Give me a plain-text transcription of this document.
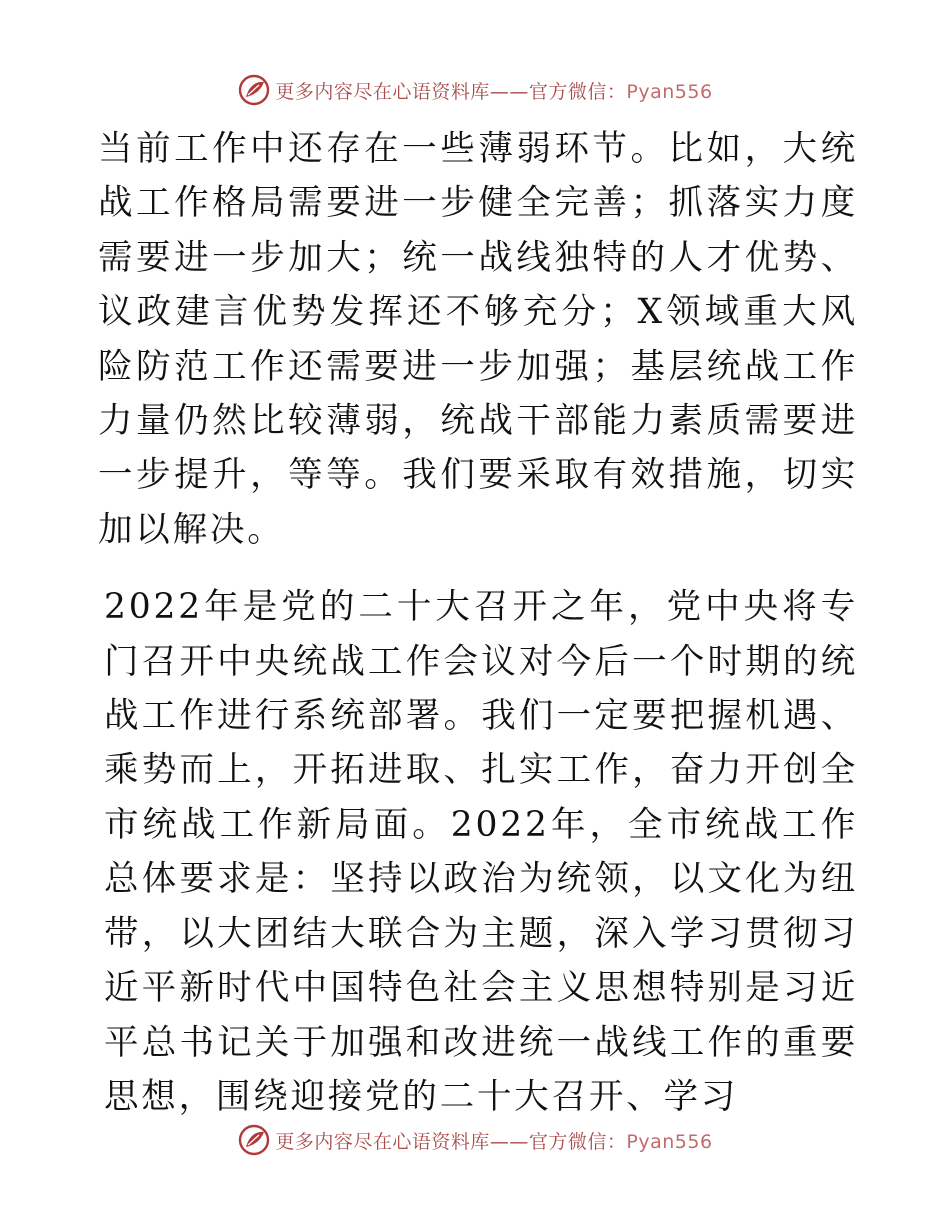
更多内容尽在心语资料库——官方微信：Pyan556

当前工作中还存在一些薄弱环节。比如，大统战工作格局需要进一步健全完善；抓落实力度需要进一步加大；统一战线独特的人才优势、议政建言优势发挥还不够充分；X领域重大风险防范工作还需要进一步加强；基层统战工作力量仍然比较薄弱，统战干部能力素质需要进一步提升，等等。我们要采取有效措施，切实加以解决。

2022年是党的二十大召开之年，党中央将专门召开中央统战工作会议对今后一个时期的统战工作进行系统部署。我们一定要把握机遇、乘势而上，开拓进取、扎实工作，奋力开创全市统战工作新局面。2022年，全市统战工作总体要求是：坚持以政治为统领，以文化为纽带，以大团结大联合为主题，深入学习贯彻习近平新时代中国特色社会主义思想特别是习近平总书记关于加强和改进统一战线工作的重要思想，围绕迎接党的二十大召开、学习

更多内容尽在心语资料库——官方微信：Pyan556
